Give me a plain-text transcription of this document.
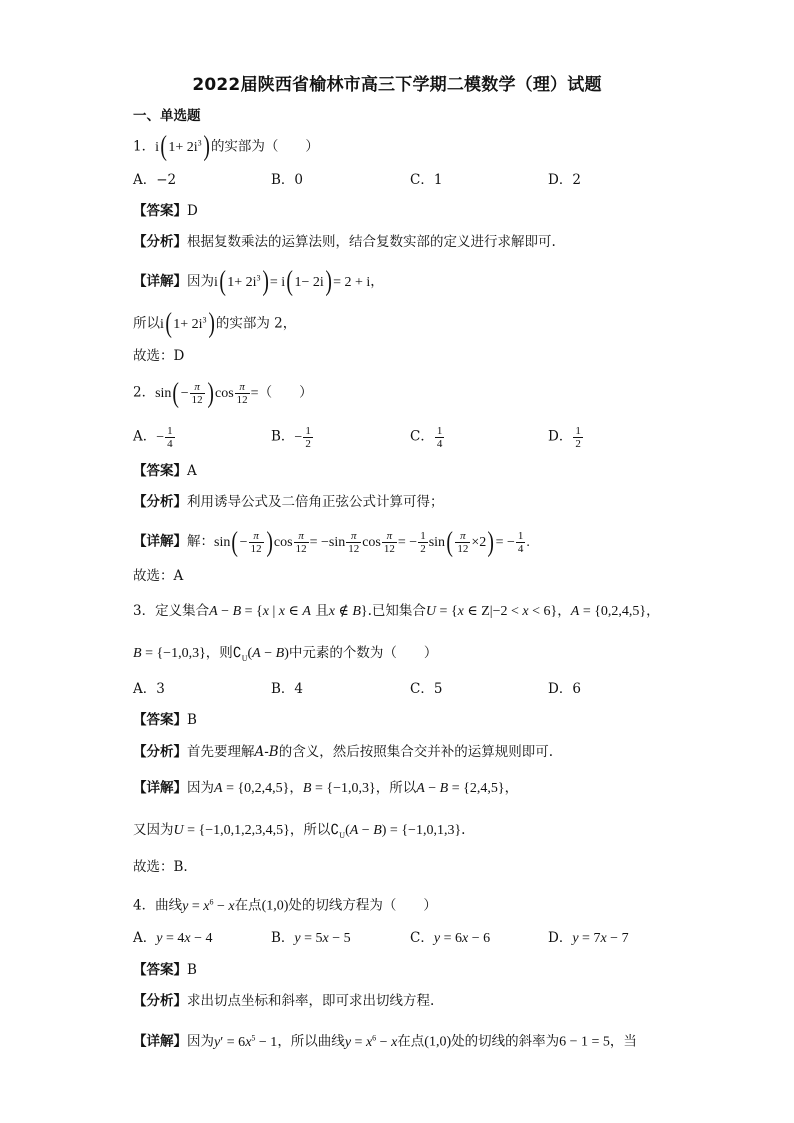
2022届陕西省榆林市高三下学期二模数学（理）试题
一、单选题
1．$i(1+ 2i^3)$的实部为（　　）
A．−2	B．0	C．1	D．2
【答案】D
【分析】根据复数乘法的运算法则，结合复数实部的定义进行求解即可.
【详解】因为$i(1+ 2i^3)= i(1- 2i)= 2 + i$，
所以$i(1+ 2i^3)$的实部为 2，
故选：D
2．$\sin(- \frac{\pi}{12} )\cos \frac{\pi}{12}$ =（　　）
A．− $\frac{1}{4}$	B．− $\frac{1}{2}$	C． $\frac{1}{4}$	D． $\frac{1}{2}$
【答案】A
【分析】利用诱导公式及二倍角正弦公式计算可得；
【详解】解：$\sin(- \frac{\pi}{12} )\cos \frac{\pi}{12} = -\sin \frac{\pi}{12}$ $\cos \frac{\pi}{12}$ = − $\frac{1}{2} \sin( \frac{\pi}{12} \times 2)= - \frac{1}{4}$ .
故选：A
3．定义集合A − B = {x | x ∈ A 且x ∉ B}.已知集合U = {x ∈ Z|−2 < x < 6}，A = {0,2,4,5}，
B = {−1,0,3}，则$∁_U(A - B)$中元素的个数为（　　）
A．3	B．4	C．5	D．6
【答案】B
【分析】首先要理解A-B的含义，然后按照集合交并补的运算规则即可.
【详解】因为A = {0,2,4,5}，B = {−1,0,3}，所以A − B = {2,4,5}，
又因为U = {−1,0,1,2,3,4,5}，所以$∁_U(A - B) = \{-1,0,1,3\}$.
故选：B.
4．曲线$y = x^6 - x$在点(1,0)处的切线方程为（　　）
A．y = 4x − 4	B．y = 5x − 5	C．y = 6x − 6	D．y = 7x − 7
【答案】B
【分析】求出切点坐标和斜率，即可求出切线方程.
【详解】因为$y' = 6x^5 - 1$，所以曲线$y = x^6 - x$在点(1,0)处的切线的斜率为6 − 1 = 5，当
